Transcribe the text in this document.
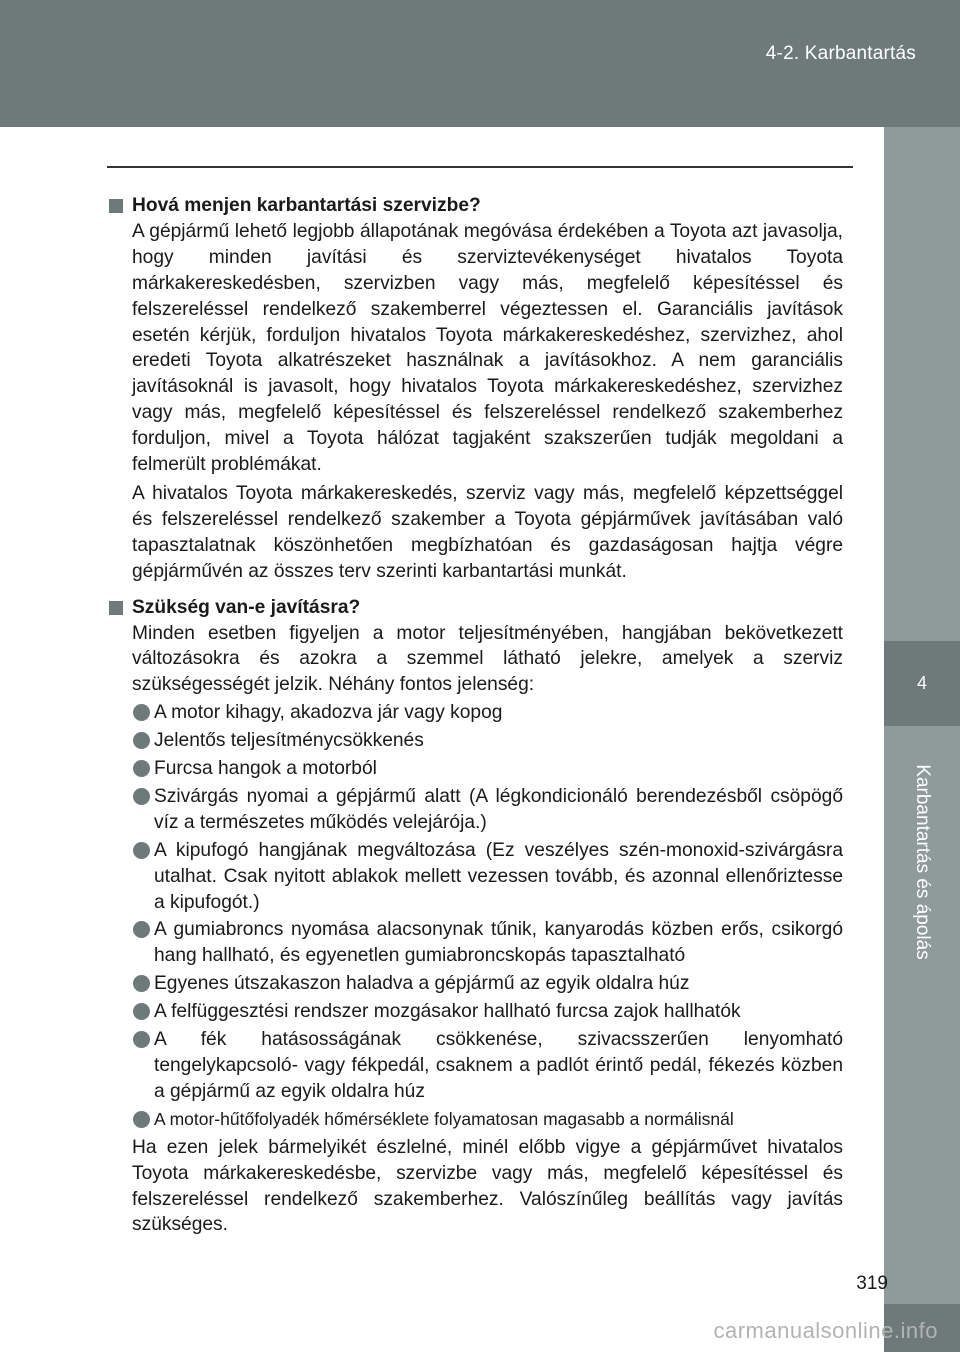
4-2. Karbantartás
4
Karbantartás és ápolás

Hová menjen karbantartási szervizbe?

A gépjármű lehető legjobb állapotának megóvása érdekében a Toyota azt javasolja, hogy minden javítási és szerviztevékenységet hivatalos Toyota márkakereskedésben, szervizben vagy más, megfelelő képesítéssel és felszereléssel rendelkező szakemberrel végeztessen el. Garanciális javítások esetén kérjük, forduljon hivatalos Toyota márkakereskedéshez, szervizhez, ahol eredeti Toyota alkatrészeket használnak a javításokhoz. A nem garanciális javításoknál is javasolt, hogy hivatalos Toyota márkakereskedéshez, szervizhez vagy más, megfelelő képesítéssel és felszereléssel rendelkező szakemberhez forduljon, mivel a Toyota hálózat tagjaként szakszerűen tudják megoldani a felmerült problémákat.

A hivatalos Toyota márkakereskedés, szerviz vagy más, megfelelő képzettséggel és felszereléssel rendelkező szakember a Toyota gépjárművek javításában való tapasztalatnak köszönhetően megbízhatóan és gazdaságosan hajtja végre gépjárművén az összes terv szerinti karbantartási munkát.

Szükség van-e javításra?

Minden esetben figyeljen a motor teljesítményében, hangjában bekövetkezett változásokra és azokra a szemmel látható jelekre, amelyek a szerviz szükségességét jelzik. Néhány fontos jelenség:

A motor kihagy, akadozva jár vagy kopog

Jelentős teljesítménycsökkenés

Furcsa hangok a motorból

Szivárgás nyomai a gépjármű alatt (A légkondicionáló berendezésből csöpögő víz a természetes működés velejárója.)

A kipufogó hangjának megváltozása (Ez veszélyes szén-monoxid-szivárgásra utalhat. Csak nyitott ablakok mellett vezessen tovább, és azonnal ellenőriztesse a kipufogót.)

A gumiabroncs nyomása alacsonynak tűnik, kanyarodás közben erős, csikorgó hang hallható, és egyenetlen gumiabroncskopás tapasztalható

Egyenes útszakaszon haladva a gépjármű az egyik oldalra húz

A felfüggesztési rendszer mozgásakor hallható furcsa zajok hallhatók

A fék hatásosságának csökkenése, szivacsszerűen lenyomható tengelykapcsoló- vagy fékpedál, csaknem a padlót érintő pedál, fékezés közben a gépjármű az egyik oldalra húz

A motor-hűtőfolyadék hőmérséklete folyamatosan magasabb a normálisnál

Ha ezen jelek bármelyikét észlelné, minél előbb vigye a gépjárművet hivatalos Toyota márkakereskedésbe, szervizbe vagy más, megfelelő képesítéssel és felszereléssel rendelkező szakemberhez. Valószínűleg beállítás vagy javítás szükséges.

319
carmanualsonline.info
